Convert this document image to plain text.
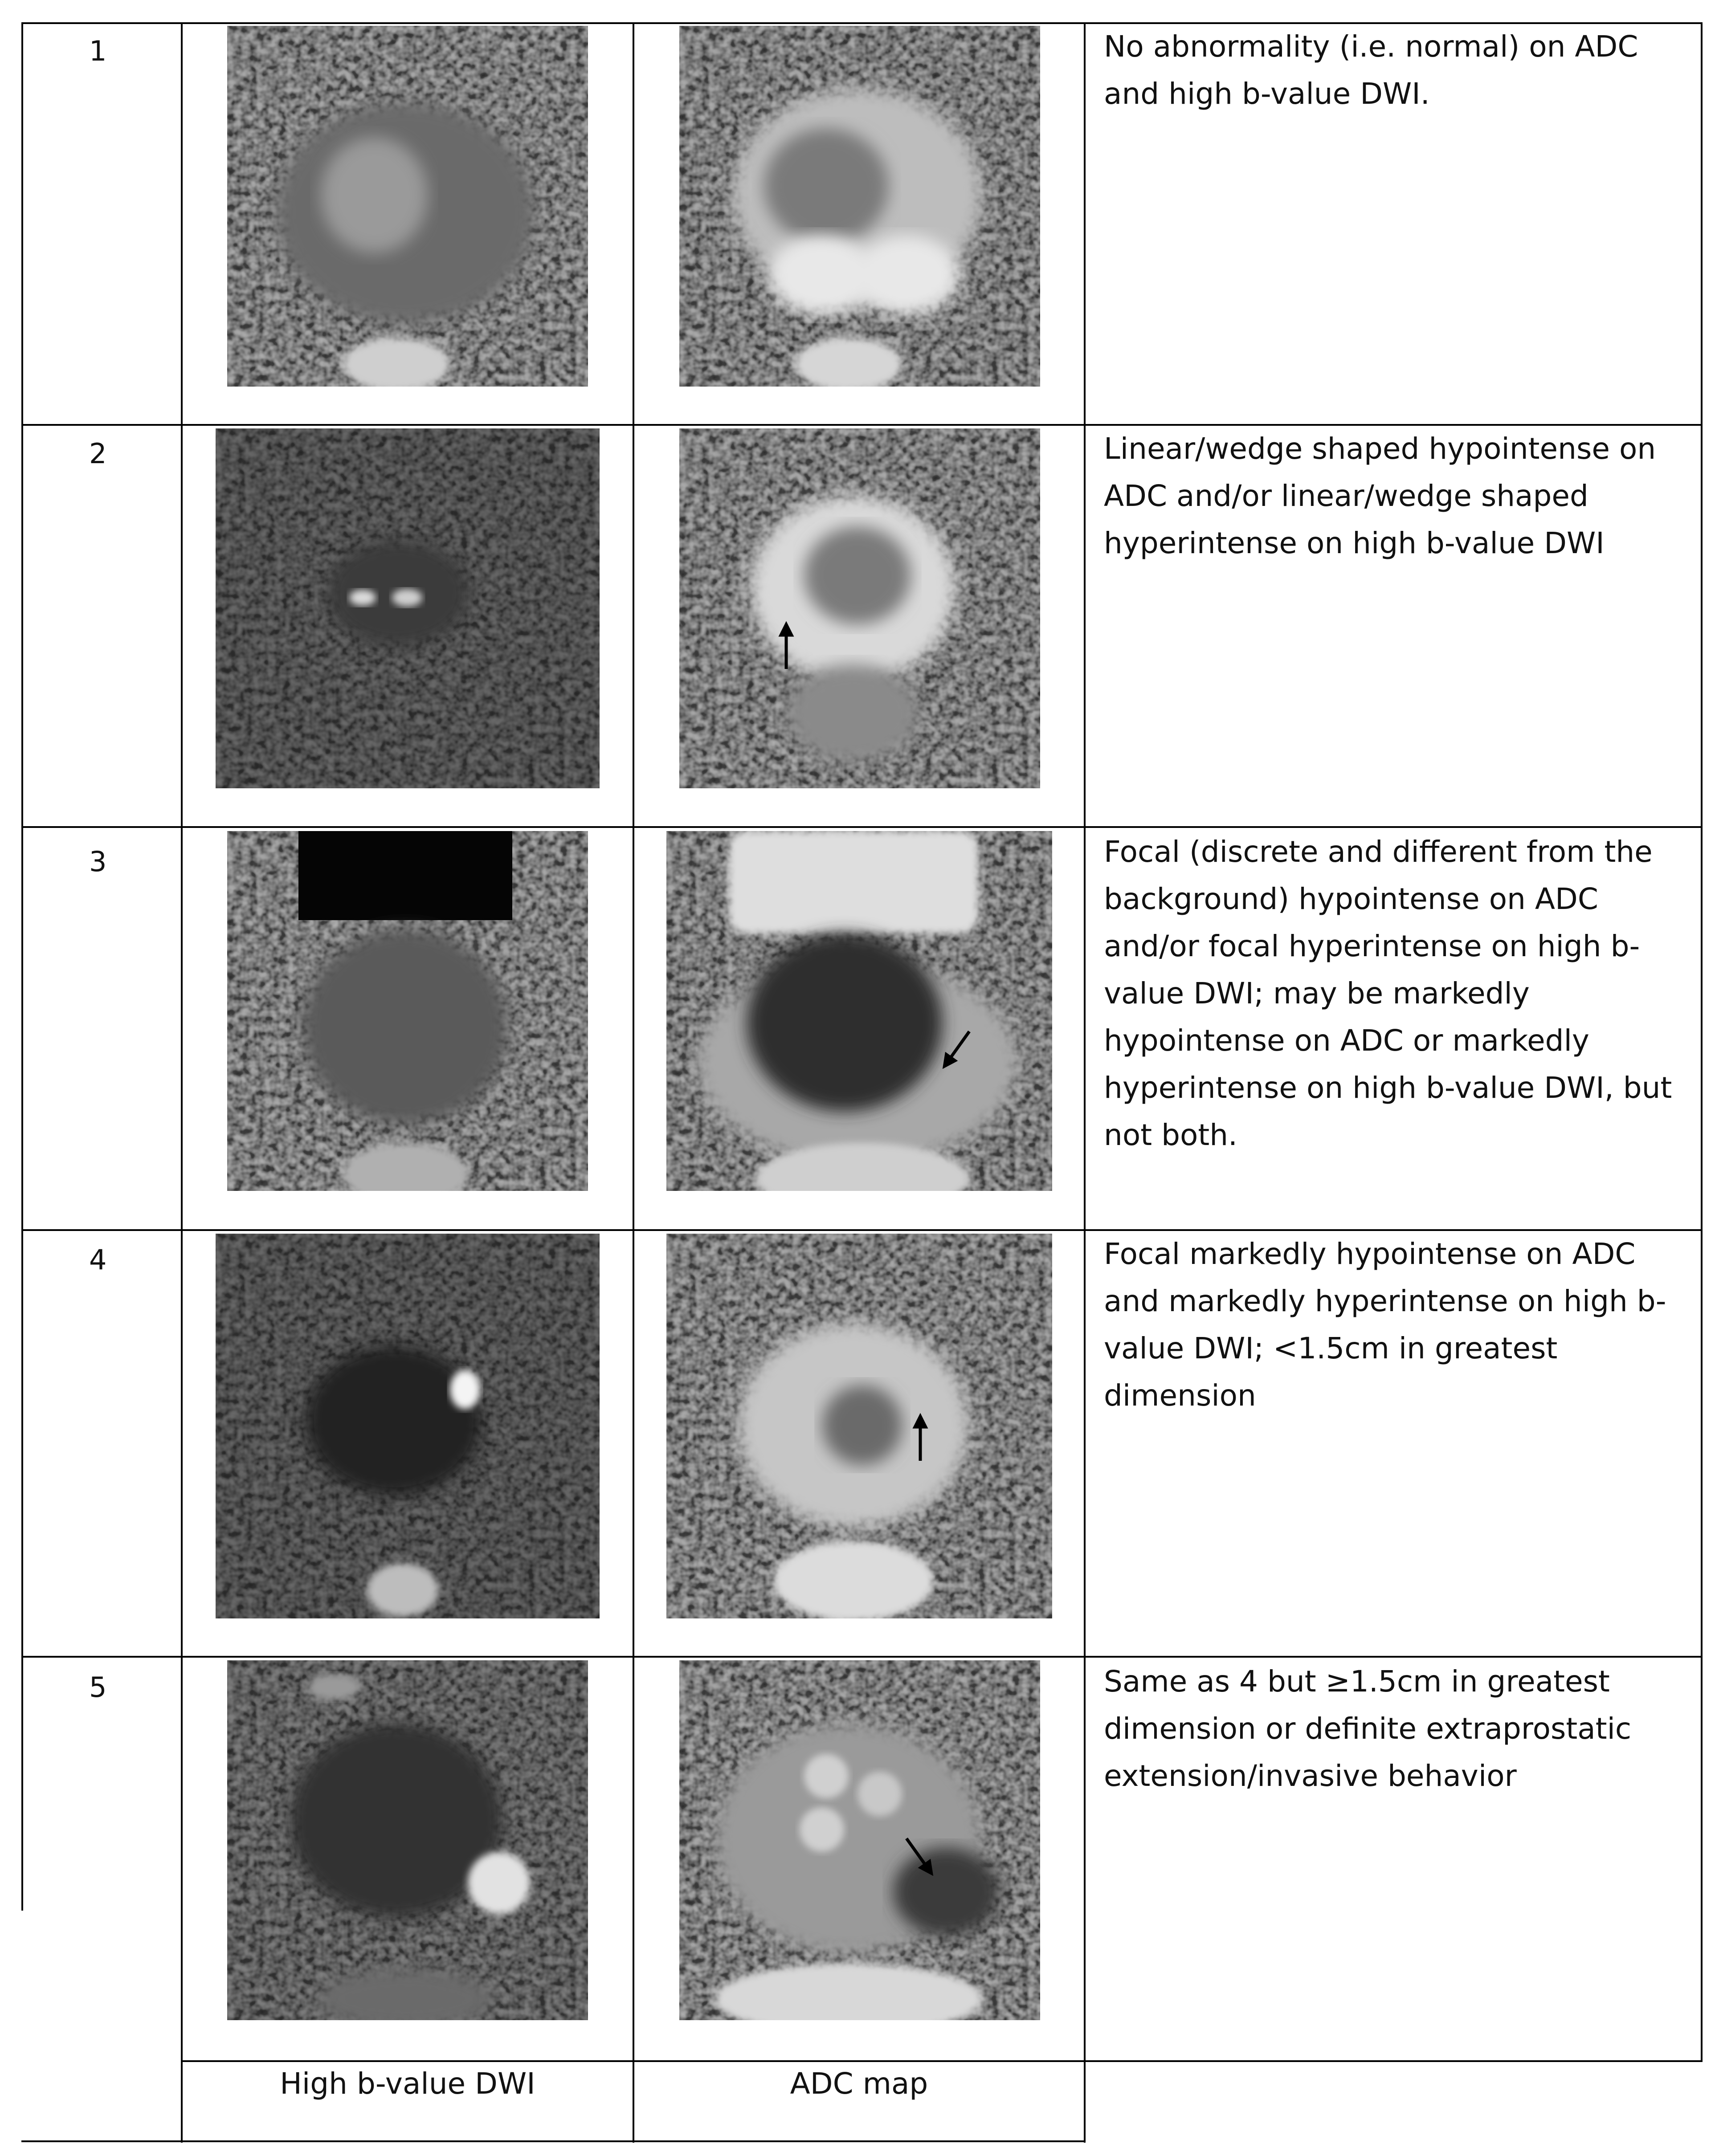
1	No abnormality (i.e. normal) on ADC and high b-value DWI.
2	Linear/wedge shaped hypointense on ADC and/or linear/wedge shaped hyperintense on high b-value DWI
3	Focal (discrete and different from the background) hypointense on ADC and/or focal hyperintense on high b-value DWI; may be markedly hypointense on ADC or markedly hyperintense on high b-value DWI, but not both.
4	Focal markedly hypointense on ADC and markedly hyperintense on high b-value DWI; <1.5cm in greatest dimension
5	Same as 4 but ≥1.5cm in greatest dimension or definite extraprostatic extension/invasive behavior
High b-value DWI	ADC map
